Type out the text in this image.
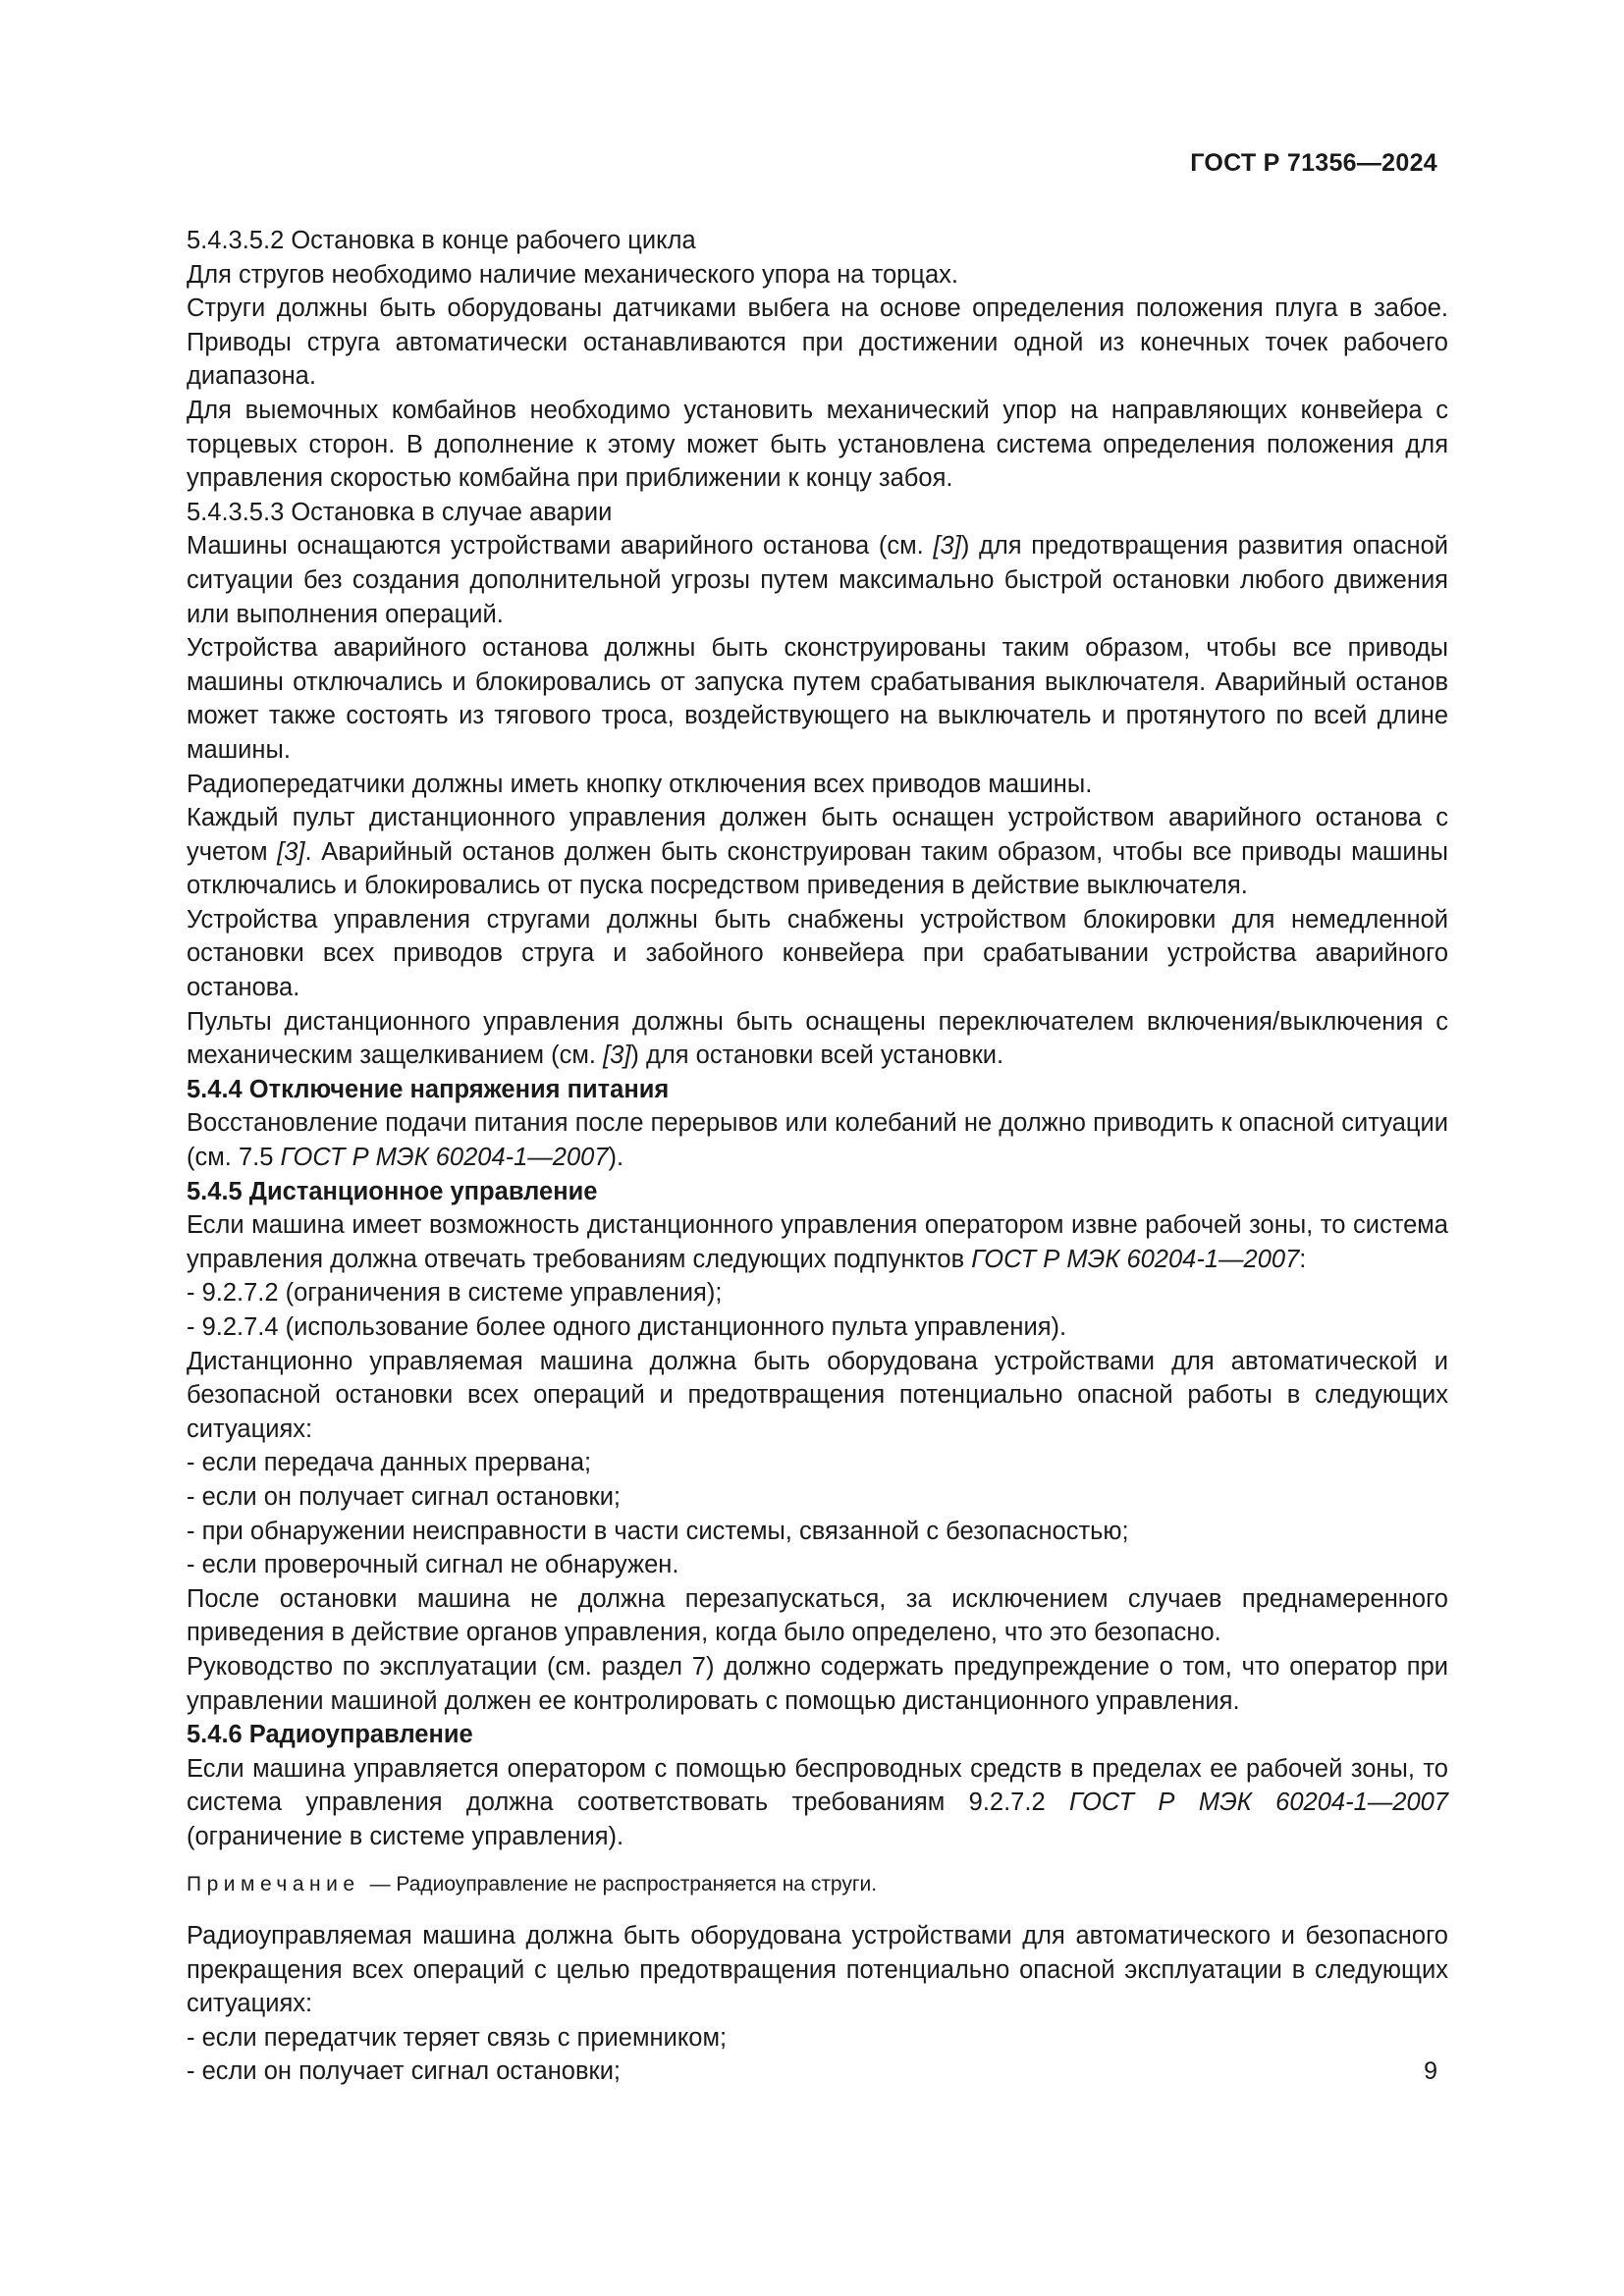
ГОСТ Р 71356—2024

5.4.3.5.2 Остановка в конце рабочего цикла

Для стругов необходимо наличие механического упора на торцах.

Струги должны быть оборудованы датчиками выбега на основе определения положения плуга в забое. Приводы струга автоматически останавливаются при достижении одной из конечных точек рабочего диапазона.

Для выемочных комбайнов необходимо установить механический упор на направляющих конвейера с торцевых сторон. В дополнение к этому может быть установлена система определения положения для управления скоростью комбайна при приближении к концу забоя.

5.4.3.5.3 Остановка в случае аварии

Машины оснащаются устройствами аварийного останова (см. [3]) для предотвращения развития опасной ситуации без создания дополнительной угрозы путем максимально быстрой остановки любого движения или выполнения операций.

Устройства аварийного останова должны быть сконструированы таким образом, чтобы все приводы машины отключались и блокировались от запуска путем срабатывания выключателя. Аварийный останов может также состоять из тягового троса, воздействующего на выключатель и протянутого по всей длине машины.

Радиопередатчики должны иметь кнопку отключения всех приводов машины.

Каждый пульт дистанционного управления должен быть оснащен устройством аварийного останова с учетом [3]. Аварийный останов должен быть сконструирован таким образом, чтобы все приводы машины отключались и блокировались от пуска посредством приведения в действие выключателя.

Устройства управления стругами должны быть снабжены устройством блокировки для немедленной остановки всех приводов струга и забойного конвейера при срабатывании устройства аварийного останова.

Пульты дистанционного управления должны быть оснащены переключателем включения/выключения с механическим защелкиванием (см. [3]) для остановки всей установки.

5.4.4 Отключение напряжения питания

Восстановление подачи питания после перерывов или колебаний не должно приводить к опасной ситуации (см. 7.5 ГОСТ Р МЭК 60204-1—2007).

5.4.5 Дистанционное управление

Если машина имеет возможность дистанционного управления оператором извне рабочей зоны, то система управления должна отвечать требованиям следующих подпунктов ГОСТ Р МЭК 60204-1—2007:

- 9.2.7.2 (ограничения в системе управления);

- 9.2.7.4 (использование более одного дистанционного пульта управления).

Дистанционно управляемая машина должна быть оборудована устройствами для автоматической и безопасной остановки всех операций и предотвращения потенциально опасной работы в следующих ситуациях:

- если передача данных прервана;

- если он получает сигнал остановки;

- при обнаружении неисправности в части системы, связанной с безопасностью;

- если проверочный сигнал не обнаружен.

После остановки машина не должна перезапускаться, за исключением случаев преднамеренного приведения в действие органов управления, когда было определено, что это безопасно.

Руководство по эксплуатации (см. раздел 7) должно содержать предупреждение о том, что оператор при управлении машиной должен ее контролировать с помощью дистанционного управления.

5.4.6 Радиоуправление

Если машина управляется оператором с помощью беспроводных средств в пределах ее рабочей зоны, то система управления должна соответствовать требованиям 9.2.7.2 ГОСТ Р МЭК 60204-1—2007 (ограничение в системе управления).

Примечание — Радиоуправление не распространяется на струги.

Радиоуправляемая машина должна быть оборудована устройствами для автоматического и безопасного прекращения всех операций с целью предотвращения потенциально опасной эксплуатации в следующих ситуациях:

- если передатчик теряет связь с приемником;

- если он получает сигнал остановки;	9
